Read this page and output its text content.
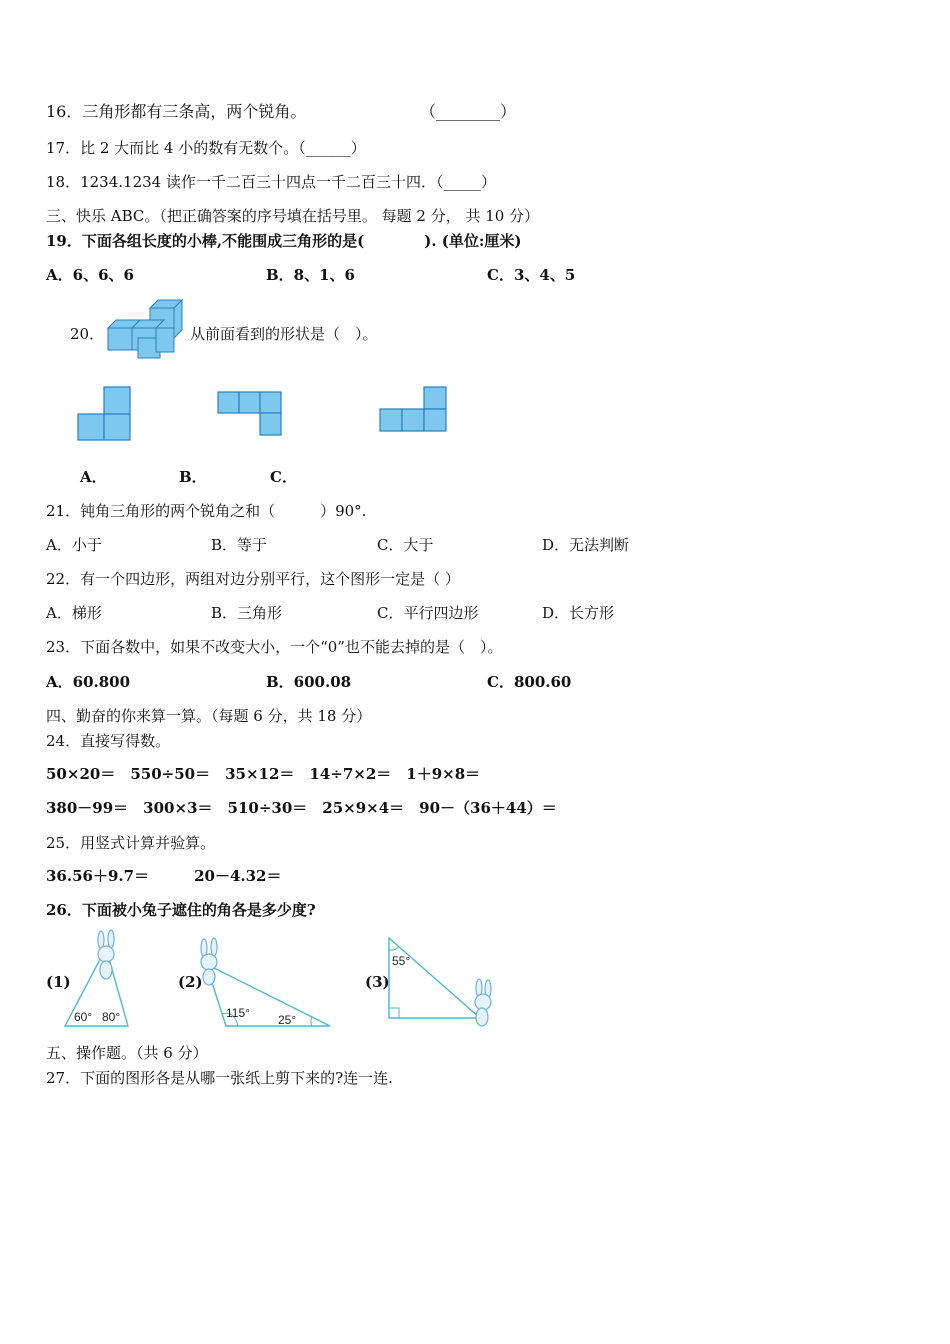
16．三角形都有三条高，两个锐角。	（________）
17．比 2 大而比 4 小的数有无数个。（______）
18．1234.1234 读作一千二百三十四点一千二百三十四．（_____）
三、快乐 ABC。（把正确答案的序号填在括号里。 每题 2 分， 共 10 分）
19．下面各组长度的小棒,不能围成三角形的是(　　　　). (单位:厘米)
A．6、6、6	B．8、1、6	C．3、4、5
20．	从前面看到的形状是（　）。
A．	B．	C．
21．钝角三角形的两个锐角之和（　　　）90°.
A．小于	B．等于	C．大于	D．无法判断
22．有一个四边形，两组对边分别平行，这个图形一定是（ ）
A．梯形	B．三角形	C．平行四边形	D．长方形
23．下面各数中，如果不改变大小，一个“0”也不能去掉的是（　）。
A．60.800	B．600.08	C．800.60
四、勤奋的你来算一算。（每题 6 分，共 18 分）
24．直接写得数。
50×20＝　550÷50＝　35×12＝　14÷7×2＝　1＋9×8＝
380－99＝　300×3＝　510÷30＝　25×9×4＝　90－（36＋44）＝
25．用竖式计算并验算。
36.56＋9.7＝　　　20－4.32＝
26．下面被小兔子遮住的角各是多少度?
(1)	(2)	(3)
60° 80°	115° 25°
55°
五、操作题。（共 6 分）
27．下面的图形各是从哪一张纸上剪下来的?连一连.
